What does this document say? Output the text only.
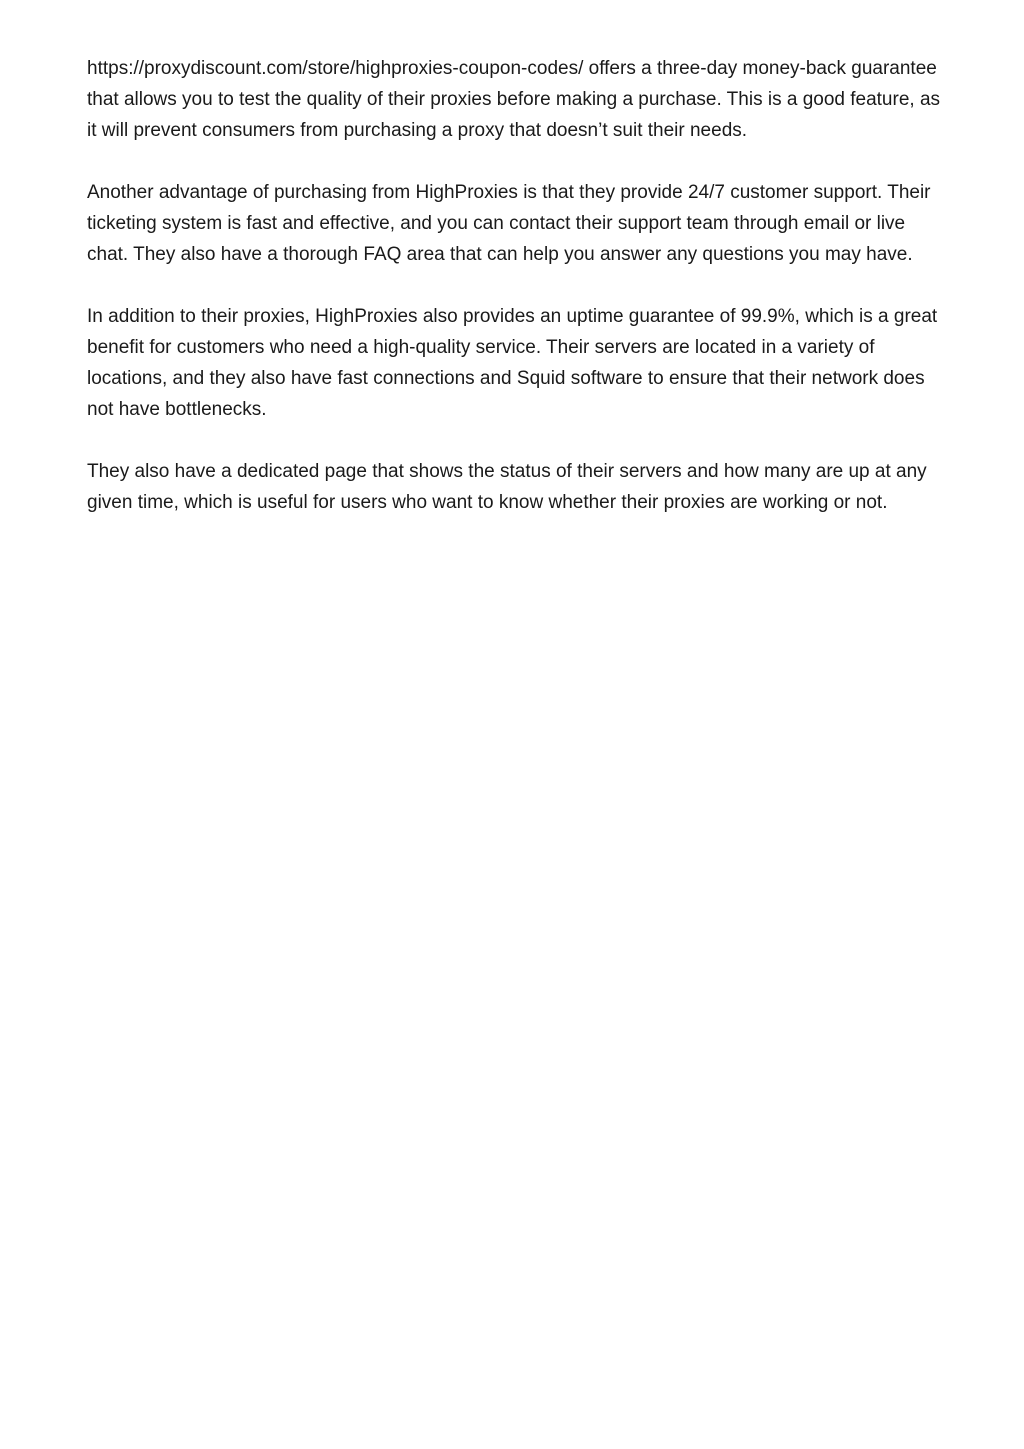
https://proxydiscount.com/store/highproxies-coupon-codes/ offers a three-day money-back guarantee that allows you to test the quality of their proxies before making a purchase. This is a good feature, as it will prevent consumers from purchasing a proxy that doesn’t suit their needs.

Another advantage of purchasing from HighProxies is that they provide 24/7 customer support. Their ticketing system is fast and effective, and you can contact their support team through email or live chat. They also have a thorough FAQ area that can help you answer any questions you may have.

In addition to their proxies, HighProxies also provides an uptime guarantee of 99.9%, which is a great benefit for customers who need a high-quality service. Their servers are located in a variety of locations, and they also have fast connections and Squid software to ensure that their network does not have bottlenecks.

They also have a dedicated page that shows the status of their servers and how many are up at any given time, which is useful for users who want to know whether their proxies are working or not.
